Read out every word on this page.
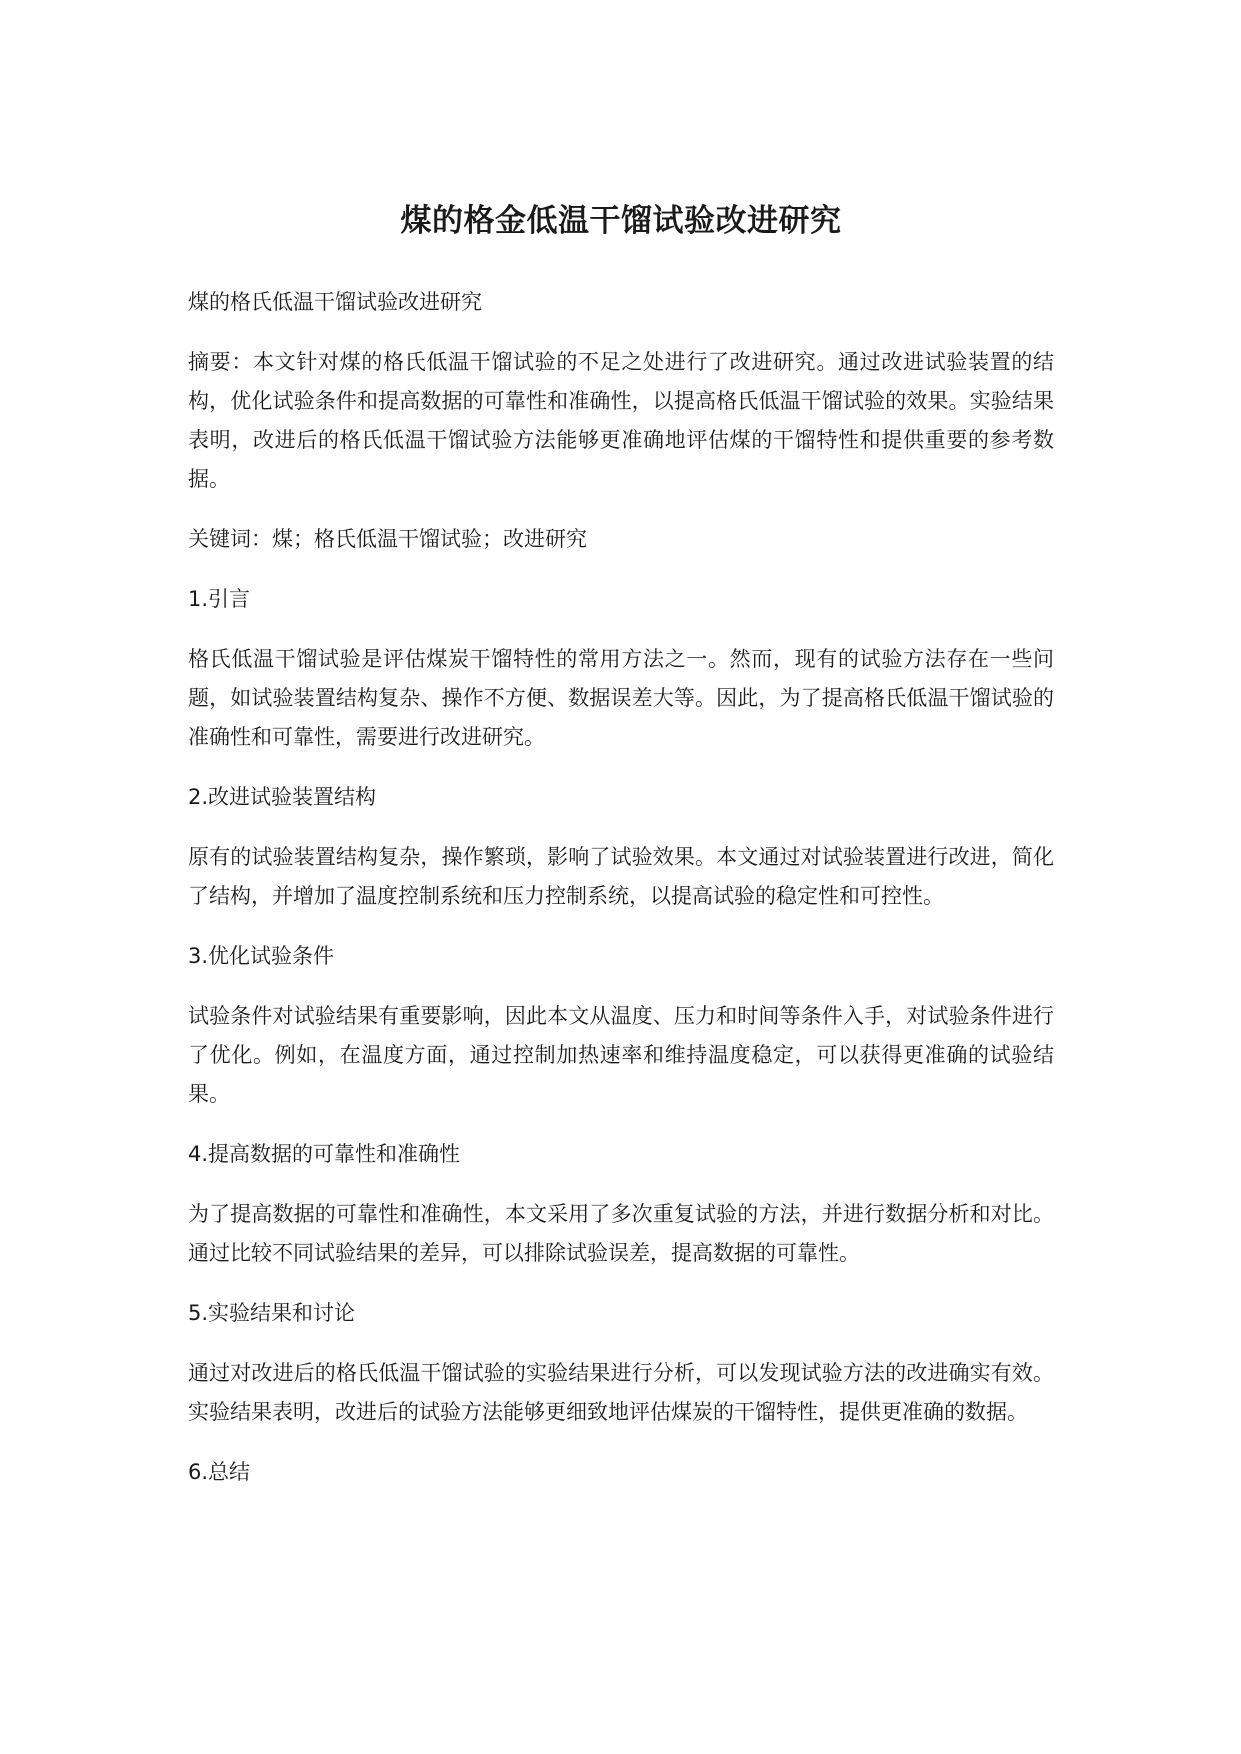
煤的格金低温干馏试验改进研究

煤的格氏低温干馏试验改进研究

摘要：本文针对煤的格氏低温干馏试验的不足之处进行了改进研究。通过改进试验装置的结构，优化试验条件和提高数据的可靠性和准确性，以提高格氏低温干馏试验的效果。实验结果表明，改进后的格氏低温干馏试验方法能够更准确地评估煤的干馏特性和提供重要的参考数据。

关键词：煤；格氏低温干馏试验；改进研究

1.引言

格氏低温干馏试验是评估煤炭干馏特性的常用方法之一。然而，现有的试验方法存在一些问题，如试验装置结构复杂、操作不方便、数据误差大等。因此，为了提高格氏低温干馏试验的准确性和可靠性，需要进行改进研究。

2.改进试验装置结构

原有的试验装置结构复杂，操作繁琐，影响了试验效果。本文通过对试验装置进行改进，简化了结构，并增加了温度控制系统和压力控制系统，以提高试验的稳定性和可控性。

3.优化试验条件

试验条件对试验结果有重要影响，因此本文从温度、压力和时间等条件入手，对试验条件进行了优化。例如，在温度方面，通过控制加热速率和维持温度稳定，可以获得更准确的试验结果。

4.提高数据的可靠性和准确性

为了提高数据的可靠性和准确性，本文采用了多次重复试验的方法，并进行数据分析和对比。通过比较不同试验结果的差异，可以排除试验误差，提高数据的可靠性。

5.实验结果和讨论

通过对改进后的格氏低温干馏试验的实验结果进行分析，可以发现试验方法的改进确实有效。实验结果表明，改进后的试验方法能够更细致地评估煤炭的干馏特性，提供更准确的数据。

6.总结
